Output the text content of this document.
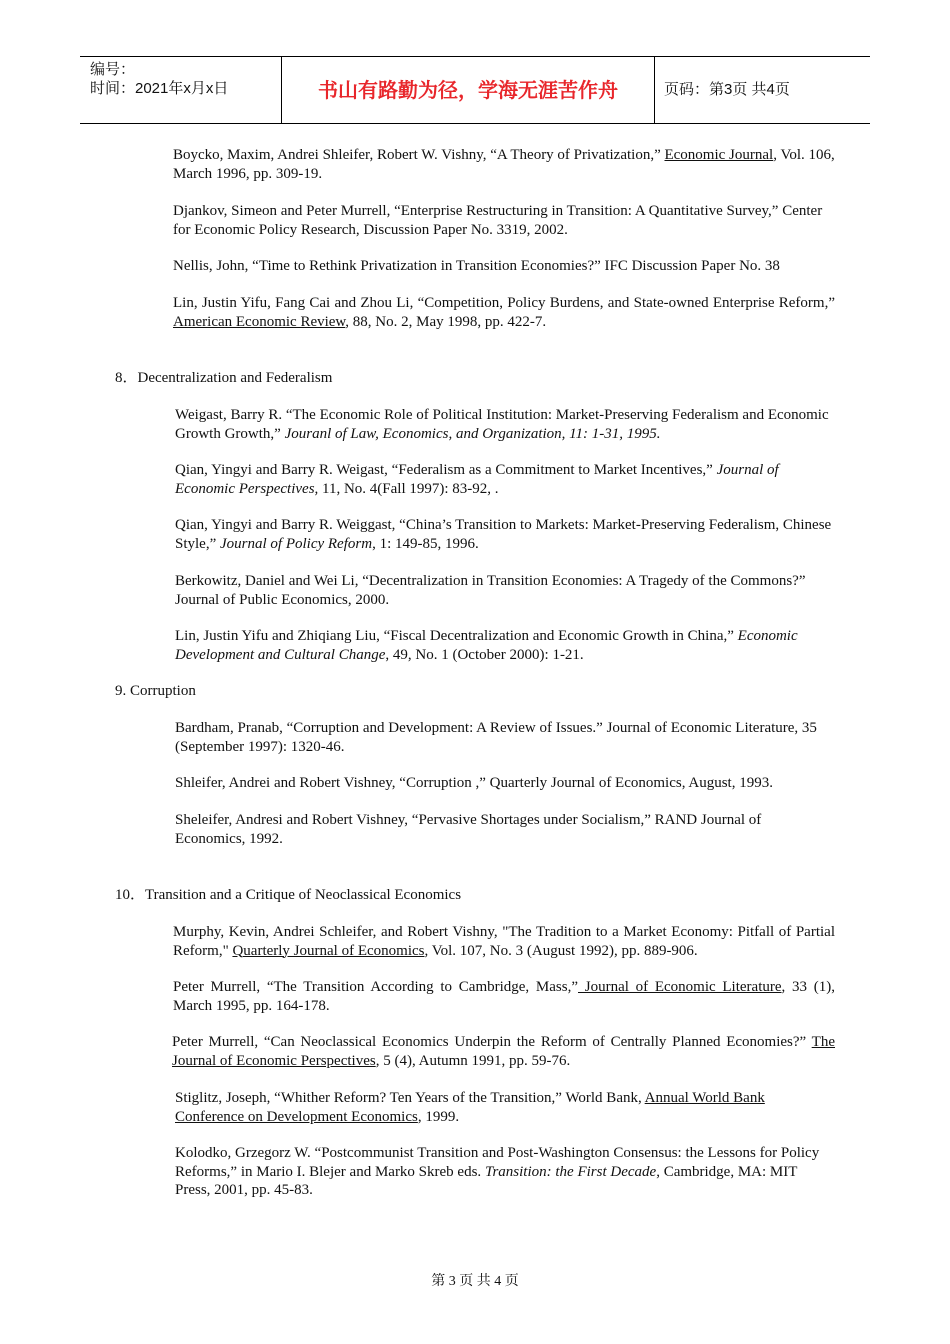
编号：
时间：2021年x月x日	书山有路勤为径，学海无涯苦作舟	页码：第3页 共4页

Boycko, Maxim, Andrei Shleifer, Robert W. Vishny, “A Theory of Privatization,” Economic Journal, Vol. 106, March 1996, pp. 309-19.

Djankov, Simeon and Peter Murrell, “Enterprise Restructuring in Transition: A Quantitative Survey,” Center for Economic Policy Research, Discussion Paper No. 3319, 2002.

Nellis, John, “Time to Rethink Privatization in Transition Economies?” IFC Discussion Paper No. 38

Lin, Justin Yifu, Fang Cai and Zhou Li, “Competition, Policy Burdens, and State-owned Enterprise Reform,” American Economic Review, 88, No. 2, May 1998, pp. 422-7.

8．Decentralization and Federalism

Weigast, Barry R. “The Economic Role of Political Institution: Market-Preserving Federalism and Economic Growth Growth,” Jouranl of Law, Economics, and Organization, 11: 1-31, 1995.

Qian, Yingyi and Barry R. Weigast, “Federalism as a Commitment to Market Incentives,” Journal of Economic Perspectives, 11, No. 4(Fall 1997): 83-92, .

Qian, Yingyi and Barry R. Weiggast, “China’s Transition to Markets: Market-Preserving Federalism, Chinese Style,” Journal of Policy Reform, 1: 149-85, 1996.

Berkowitz, Daniel and Wei Li, “Decentralization in Transition Economies: A Tragedy of the Commons?” Journal of Public Economics, 2000.

Lin, Justin Yifu and Zhiqiang Liu, “Fiscal Decentralization and Economic Growth in China,” Economic Development and Cultural Change, 49, No. 1 (October 2000): 1-21.

9. Corruption

Bardham, Pranab, “Corruption and Development: A Review of Issues.” Journal of Economic Literature, 35 (September 1997): 1320-46.

Shleifer, Andrei and Robert Vishney, “Corruption ,” Quarterly Journal of Economics, August, 1993.

Sheleifer, Andresi and Robert Vishney, “Pervasive Shortages under Socialism,” RAND Journal of Economics, 1992.

10．Transition and a Critique of Neoclassical Economics

Murphy, Kevin, Andrei Schleifer, and Robert Vishny, "The Tradition to a Market Economy: Pitfall of Partial Reform," Quarterly Journal of Economics, Vol. 107, No. 3 (August 1992), pp. 889-906.

Peter Murrell, “The Transition According to Cambridge, Mass,” Journal of Economic Literature, 33 (1), March 1995, pp. 164-178.

Peter Murrell, “Can Neoclassical Economics Underpin the Reform of Centrally Planned Economies?” The Journal of Economic Perspectives, 5 (4), Autumn 1991, pp. 59-76.

Stiglitz, Joseph, “Whither Reform? Ten Years of the Transition,” World Bank, Annual World Bank Conference on Development Economics, 1999.

Kolodko, Grzegorz W. “Postcommunist Transition and Post-Washington Consensus: the Lessons for Policy Reforms,” in Mario I. Blejer and Marko Skreb eds. Transition: the First Decade, Cambridge, MA: MIT Press, 2001, pp. 45-83.

第 3 页 共 4 页
